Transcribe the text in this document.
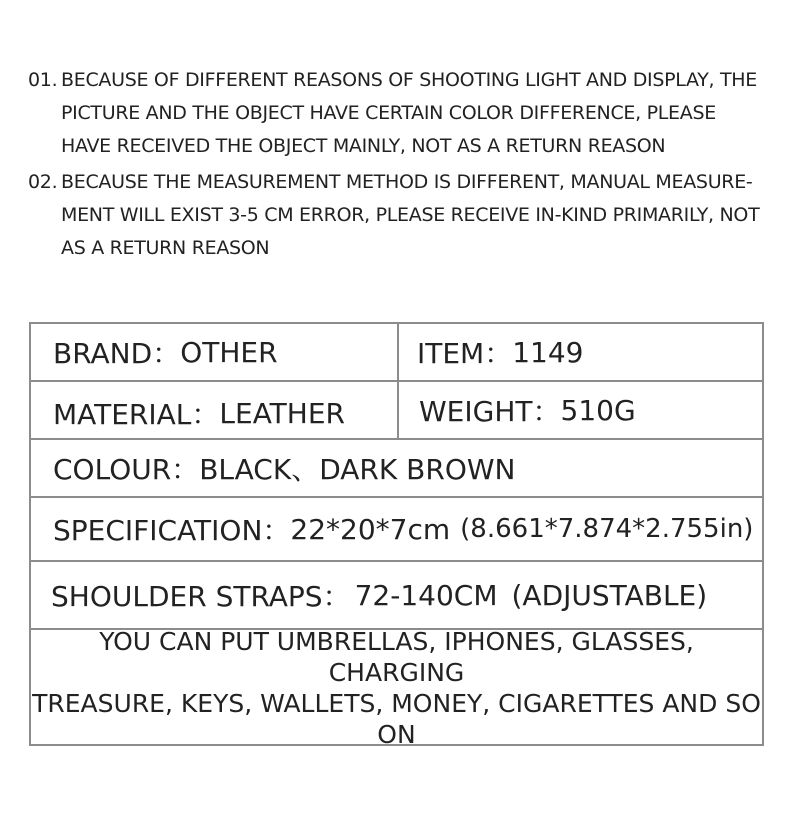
01. BECAUSE OF DIFFERENT REASONS OF SHOOTING LIGHT AND DISPLAY, THE
PICTURE AND THE OBJECT HAVE CERTAIN COLOR DIFFERENCE, PLEASE
HAVE RECEIVED THE OBJECT MAINLY, NOT AS A RETURN REASON
02. BECAUSE THE MEASUREMENT METHOD IS DIFFERENT, MANUAL MEASURE-
MENT WILL EXIST 3-5 CM ERROR, PLEASE RECEIVE IN-KIND PRIMARILY, NOT
AS A RETURN REASON
BRAND： OTHER	ITEM： 1149
MATERIAL： LEATHER	WEIGHT： 510G
COLOUR： BLACK、DARK BROWN
SPECIFICATION： 22*20*7cm (8.661*7.874*2.755in)
SHOULDER STRAPS： 72-140CM (ADJUSTABLE)
YOU CAN PUT UMBRELLAS, IPHONES, GLASSES, CHARGING
TREASURE, KEYS, WALLETS, MONEY, CIGARETTES AND SO ON
